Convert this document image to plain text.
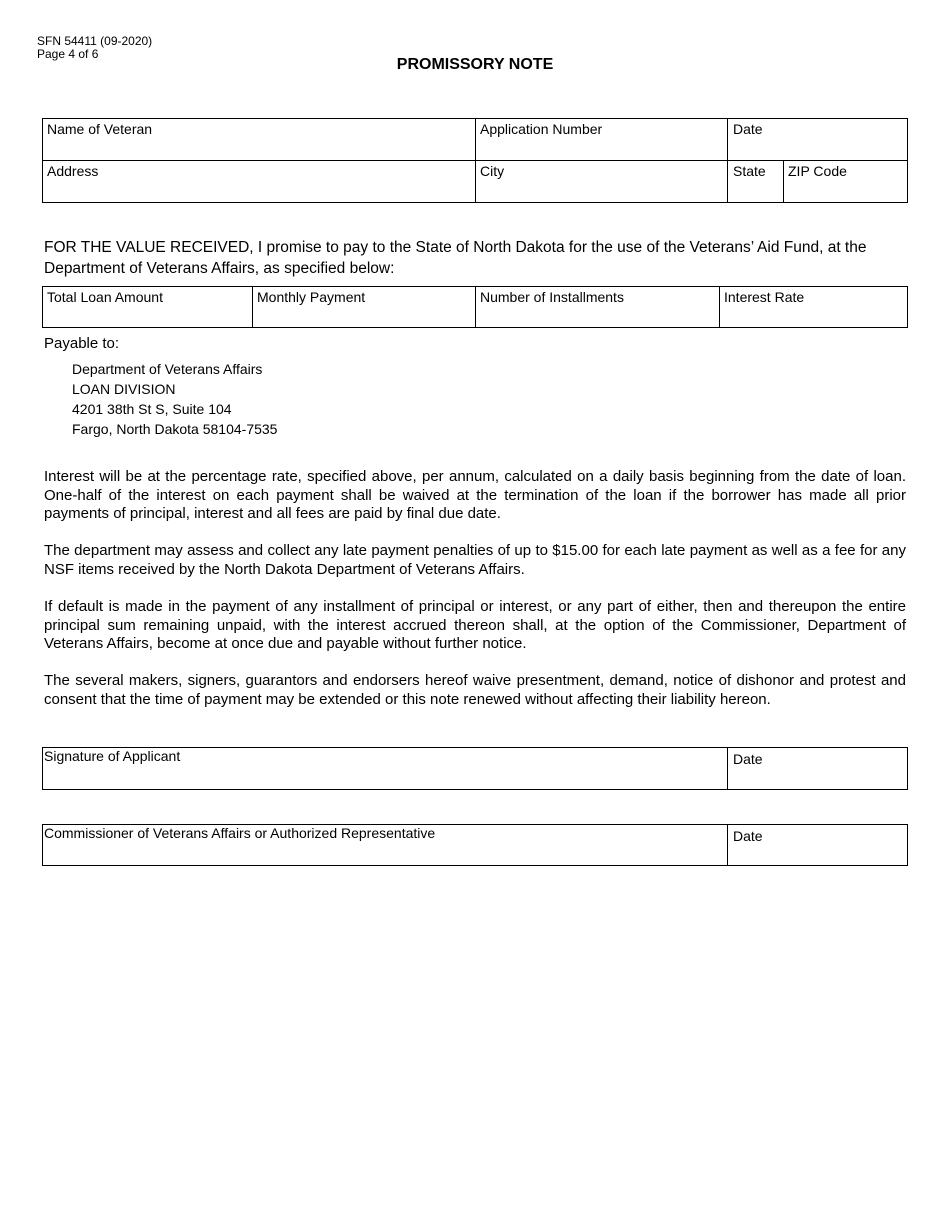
SFN 54411 (09-2020)
Page 4 of 6
PROMISSORY NOTE
Name of Veteran	Application Number	Date
Address	City	State	ZIP Code
FOR THE VALUE RECEIVED, I promise to pay to the State of North Dakota for the use of the Veterans’ Aid Fund, at the Department of Veterans Affairs, as specified below:
Total Loan Amount	Monthly Payment	Number of Installments	Interest Rate
Payable to:
Department of Veterans Affairs
LOAN DIVISION
4201 38th St S, Suite 104
Fargo, North Dakota 58104-7535
Interest will be at the percentage rate, specified above, per annum, calculated on a daily basis beginning from the date of loan. One-half of the interest on each payment shall be waived at the termination of the loan if the borrower has made all prior payments of principal, interest and all fees are paid by final due date.
The department may assess and collect any late payment penalties of up to $15.00 for each late payment as well as a fee for any NSF items received by the North Dakota Department of Veterans Affairs.
If default is made in the payment of any installment of principal or interest, or any part of either, then and thereupon the entire principal sum remaining unpaid, with the interest accrued thereon shall, at the option of the Commissioner, Department of Veterans Affairs, become at once due and payable without further notice.
The several makers, signers, guarantors and endorsers hereof waive presentment, demand, notice of dishonor and protest and consent that the time of payment may be extended or this note renewed without affecting their liability hereon.
Signature of Applicant	Date
Commissioner of Veterans Affairs or Authorized Representative	Date
